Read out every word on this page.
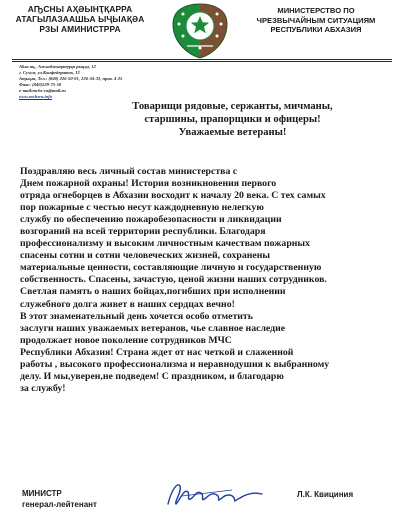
АҦСНЫ АҲӘЫНҬҚАРРА
АТАГЫЛАЗААШЬА ЫҶЫАҚӘА
РЗЫ АМИНИСТРРА
МИНИСТЕРСТВО ПО
ЧРЕЗВЫЧАЙНЫМ СИТУАЦИЯМ
РЕСПУБЛИКИ АБХАЗИЯ
Аҟәа ақ., Ажәабжьҭаҭҷҵа рыцҳа, 12
г. Сухум, ул.Конфедератов, 12
Аҭыҳәа, Тел.: (840) 226-50-01, 226-34-33, прав. 4-25
Факс: (840)229-75-50
e-mail:mchs-ra@mail.ru
www.mchsra.info
Товарищи рядовые, сержанты, мичманы,
старшины, прапорщики и офицеры!
Уважаемые ветераны!
Поздравляю весь личный состав министерства с
Днем пожарной охраны! История возникновения первого
отряда огнеборцев в Абхазии восходит к началу 20 века. С тех самых
пор пожарные с честью несут каждодневную нелегкую
службу по обеспечению пожаробезопасности и ликвидации
возгораний на всей территории республики. Благодаря
профессионализму и высоким личностным качествам пожарных
спасены сотни и сотни человеческих жизней, сохранены
материальные ценности, составляющие личную и государственную
собственность. Спасены, зачастую, ценой жизни наших сотрудников.
Светлая память о наших бойцах,погибших при исполнении
служебного долга живет в наших сердцах вечно!
В этот знаменательный день хочется особо отметить
заслуги наших уважаемых ветеранов, чье славное наследие
продолжает новое поколение сотрудников МЧС
Республики Абхазия! Страна ждет от нас четкой и слаженной
работы , высокого профессионализма и неравнодушия к выбранному
делу. И мы,уверен,не подведем! С праздником, и благодарю
за службу!
МИНИСТР
генерал-лейтенант
Л.К. Квициния
